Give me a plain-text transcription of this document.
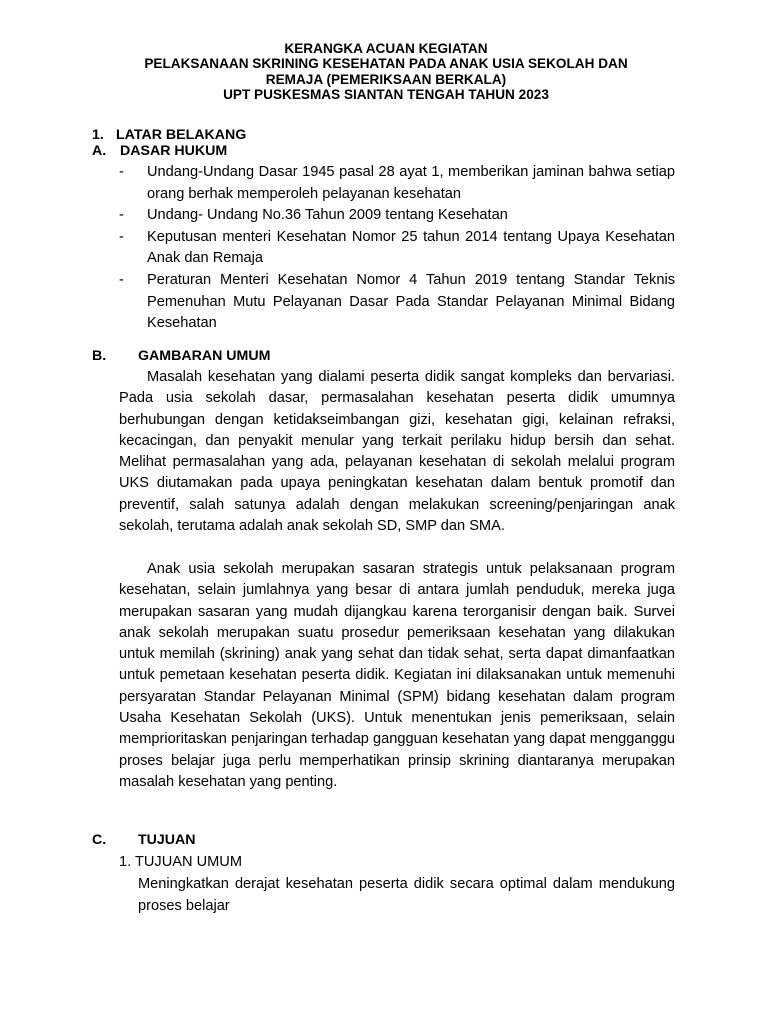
KERANGKA ACUAN KEGIATAN
PELAKSANAAN SKRINING KESEHATAN PADA ANAK USIA SEKOLAH DAN
REMAJA (PEMERIKSAAN BERKALA)
UPT PUSKESMAS SIANTAN TENGAH TAHUN 2023
1. LATAR BELAKANG
A. DASAR HUKUM
- Undang-Undang Dasar 1945 pasal 28 ayat 1, memberikan jaminan bahwa setiap orang berhak memperoleh pelayanan kesehatan
- Undang- Undang No.36 Tahun 2009 tentang Kesehatan
- Keputusan menteri Kesehatan Nomor 25 tahun 2014 tentang Upaya Kesehatan Anak dan Remaja
- Peraturan Menteri Kesehatan Nomor 4 Tahun 2019 tentang Standar Teknis Pemenuhan Mutu Pelayanan Dasar Pada Standar Pelayanan Minimal Bidang Kesehatan
B. GAMBARAN UMUM

Masalah kesehatan yang dialami peserta didik sangat kompleks dan bervariasi. Pada usia sekolah dasar, permasalahan kesehatan peserta didik umumnya berhubungan dengan ketidakseimbangan gizi, kesehatan gigi, kelainan refraksi, kecacingan, dan penyakit menular yang terkait perilaku hidup bersih dan sehat. Melihat permasalahan yang ada, pelayanan kesehatan di sekolah melalui program UKS diutamakan pada upaya peningkatan kesehatan dalam bentuk promotif dan preventif, salah satunya adalah dengan melakukan screening/penjaringan anak sekolah, terutama adalah anak sekolah SD, SMP dan SMA.

Anak usia sekolah merupakan sasaran strategis untuk pelaksanaan program kesehatan, selain jumlahnya yang besar di antara jumlah penduduk, mereka juga merupakan sasaran yang mudah dijangkau karena terorganisir dengan baik. Survei anak sekolah merupakan suatu prosedur pemeriksaan kesehatan yang dilakukan untuk memilah (skrining) anak yang sehat dan tidak sehat, serta dapat dimanfaatkan untuk pemetaan kesehatan peserta didik. Kegiatan ini dilaksanakan untuk memenuhi persyaratan Standar Pelayanan Minimal (SPM) bidang kesehatan dalam program Usaha Kesehatan Sekolah (UKS). Untuk menentukan jenis pemeriksaan, selain memprioritaskan penjaringan terhadap gangguan kesehatan yang dapat mengganggu proses belajar juga perlu memperhatikan prinsip skrining diantaranya merupakan masalah kesehatan yang penting.

C. TUJUAN
1. TUJUAN UMUM

Meningkatkan derajat kesehatan peserta didik secara optimal dalam mendukung proses belajar
